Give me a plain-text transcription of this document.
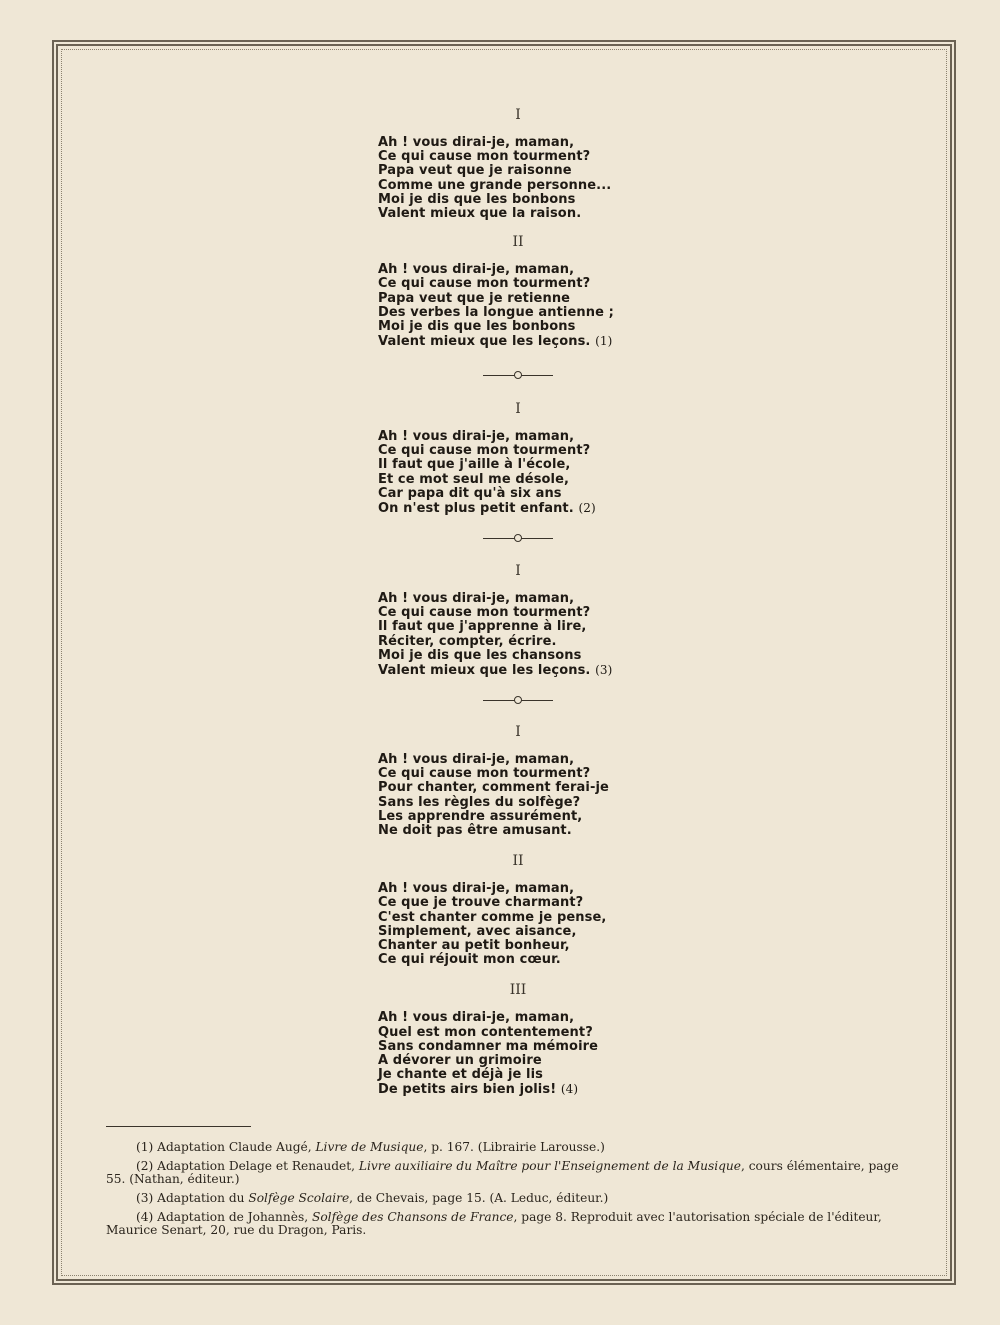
I
Ah ! vous dirai-je, maman,
Ce qui cause mon tourment?
Papa veut que je raisonne
Comme une grande personne...
Moi je dis que les bonbons
Valent mieux que la raison.
II
Ah ! vous dirai-je, maman,
Ce qui cause mon tourment?
Papa veut que je retienne
Des verbes la longue antienne ;
Moi je dis que les bonbons
Valent mieux que les leçons. (1)
I
Ah ! vous dirai-je, maman,
Ce qui cause mon tourment?
Il faut que j'aille à l'école,
Et ce mot seul me désole,
Car papa dit qu'à six ans
On n'est plus petit enfant. (2)
I
Ah ! vous dirai-je, maman,
Ce qui cause mon tourment?
Il faut que j'apprenne à lire,
Réciter, compter, écrire.
Moi je dis que les chansons
Valent mieux que les leçons. (3)
I
Ah ! vous dirai-je, maman,
Ce qui cause mon tourment?
Pour chanter, comment ferai-je
Sans les règles du solfège?
Les apprendre assurément,
Ne doit pas être amusant.
II
Ah ! vous dirai-je, maman,
Ce que je trouve charmant?
C'est chanter comme je pense,
Simplement, avec aisance,
Chanter au petit bonheur,
Ce qui réjouit mon cœur.
III
Ah ! vous dirai-je, maman,
Quel est mon contentement?
Sans condamner ma mémoire
A dévorer un grimoire
Je chante et déjà je lis
De petits airs bien jolis! (4)

(1) Adaptation Claude Augé, Livre de Musique, p. 167. (Librairie Larousse.)

(2) Adaptation Delage et Renaudet, Livre auxiliaire du Maître pour l'Enseignement de la Musique, cours élémentaire, page 55. (Nathan, éditeur.)

(3) Adaptation du Solfège Scolaire, de Chevais, page 15. (A. Leduc, éditeur.)

(4) Adaptation de Johannès, Solfège des Chansons de France, page 8. Reproduit avec l'autorisation spéciale de l'éditeur, Maurice Senart, 20, rue du Dragon, Paris.
